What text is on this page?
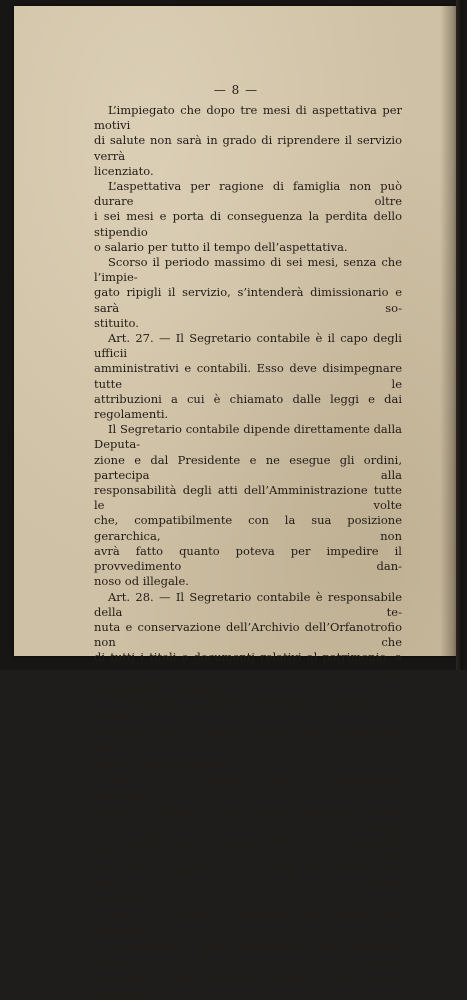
— 8 —

L’impiegato che dopo tre mesi di aspettativa per motivi

di salute non sarà in grado di riprendere il servizio verrà

licenziato.

L’aspettativa per ragione di famiglia non può durare oltre

i sei mesi e porta di conseguenza la perdita dello stipendio

o salario per tutto il tempo dell’aspettativa.

Scorso il periodo massimo di sei mesi, senza che l’impie-

gato ripigli il servizio, s’intenderà dimissionario e sarà so-

stituito.

Art. 27. — Il Segretario contabile è il capo degli ufficii

amministrativi e contabili. Esso deve disimpegnare tutte le

attribuzioni a cui è chiamato dalle leggi e dai regolamenti.

Il Segretario contabile dipende direttamente dalla Deputa-

zione e dal Presidente e ne esegue gli ordini, partecipa alla

responsabilità degli atti dell’Amministrazione tutte le volte

che, compatibilmente con la sua posizione gerarchica, non

avrà fatto quanto poteva per impedire il provvedimento dan-

noso od illegale.

Art. 28. — Il Segretario contabile è responsabile della te-

nuta e conservazione dell’Archivio dell’Orfanotrofio non che

di tutti i titoli e documenti relativi al patrimonio, a lui re-

golarmente consegnati.

Il Commesso coadiuva il Segretario contabile e lo sostitu-

tuisce nei casi di breve assenza. Tale sostituzione non dà di-

ritto ad alcun compenso.

Art. 29. — Il servizio di cassa e di riscossione dell’Orfa-

notrofio è affidato ad un tesoriere speciale, il quale è ricom-

pensato ad aggio, in ragione del 4 %₀ sulle rendite del Gran

Libro ed in ragione del 5 %₀ sugli altri introiti che non siano

reincassi.

Art. 30. — Prima di procedere alla nomina del Tesoriere

la Deputazione dovrà deliberare sulla cauzione, sulla misura

dell’aggio e sulle condizioni speciali a cui egli dovrà sottostare.
